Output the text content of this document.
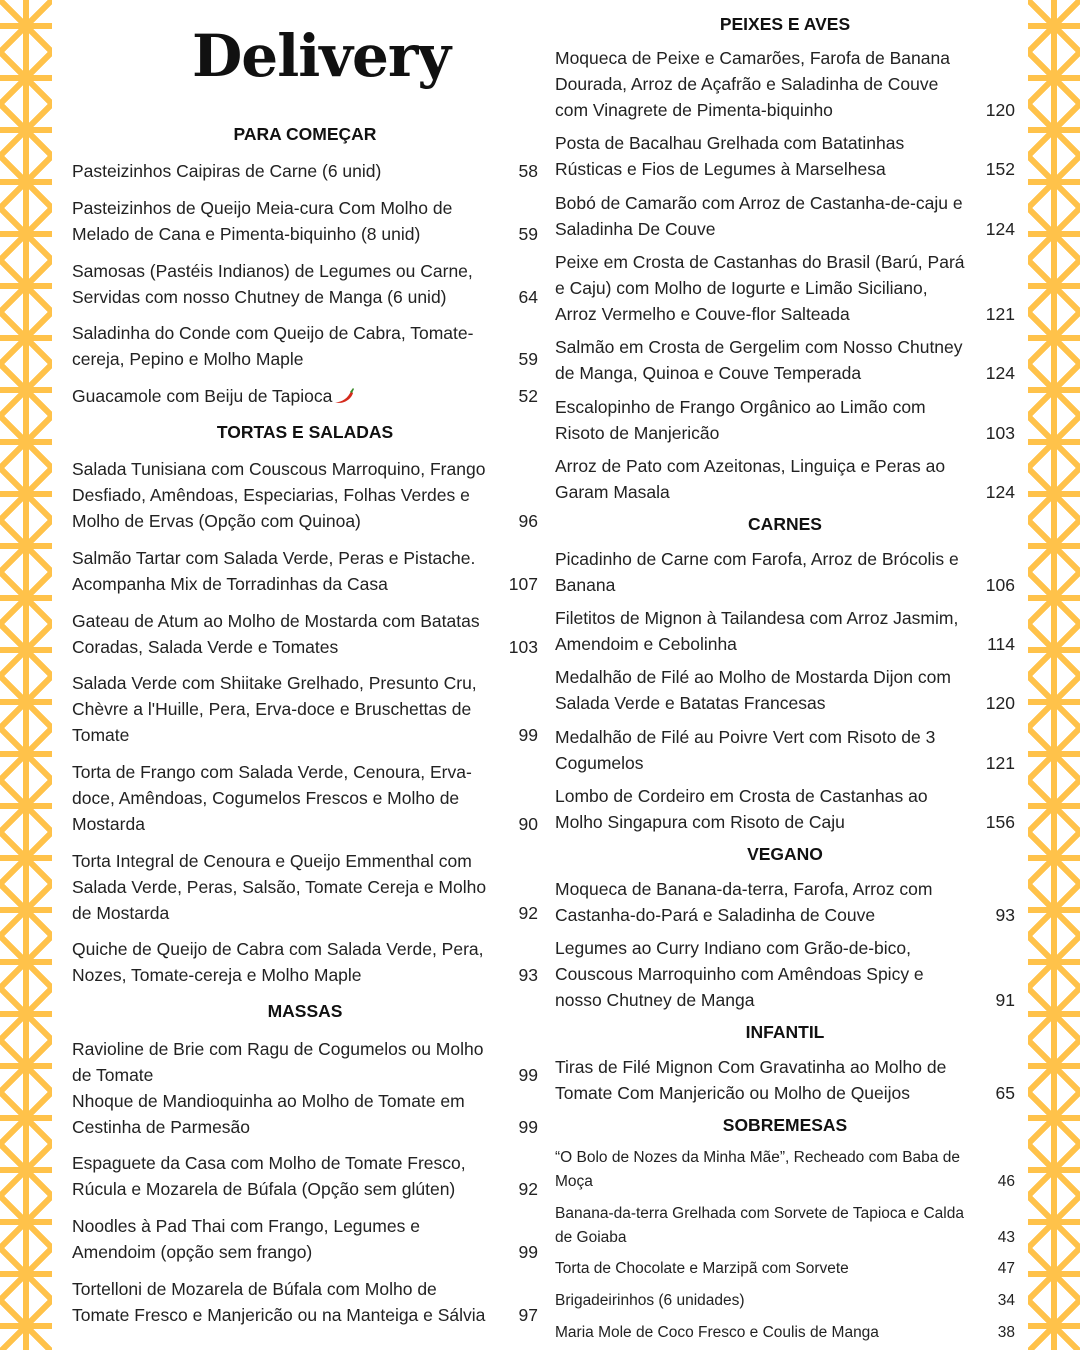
PARA COMEÇAR
Pasteizinhos Caipiras de Carne (6 unid)	58
Pasteizinhos de Queijo Meia-cura Com Molho de Melado de Cana e Pimenta-biquinho (8 unid)	59
Samosas (Pastéis Indianos) de Legumes ou Carne, Servidas com nosso Chutney de Manga (6 unid)	64
Saladinha do Conde com Queijo de Cabra, Tomate-cereja, Pepino e Molho Maple	59
Guacamole com Beiju de Tapioca	52
TORTAS E SALADAS
Salada Tunisiana com Couscous Marroquino, Frango Desfiado, Amêndoas, Especiarias, Folhas Verdes e Molho de Ervas (Opção com Quinoa)	96
Salmão Tartar com Salada Verde, Peras e Pistache. Acompanha Mix de Torradinhas da Casa	107
Gateau de Atum ao Molho de Mostarda com Batatas Coradas, Salada Verde e Tomates	103
Salada Verde com Shiitake Grelhado, Presunto Cru, Chèvre a l'Huille, Pera, Erva-doce e Bruschettas de Tomate	99
Torta de Frango com Salada Verde, Cenoura, Erva-doce, Amêndoas, Cogumelos Frescos e Molho de Mostarda	90
Torta Integral de Cenoura e Queijo Emmenthal com Salada Verde, Peras, Salsão, Tomate Cereja e Molho de Mostarda	92
Quiche de Queijo de Cabra com Salada Verde, Pera, Nozes, Tomate-cereja e Molho Maple	93
MASSAS
Ravioline de Brie com Ragu de Cogumelos ou Molho de Tomate	99
Nhoque de Mandioquinha ao Molho de Tomate em Cestinha de Parmesão	99
Espaguete da Casa com Molho de Tomate Fresco, Rúcula e Mozarela de Búfala (Opção sem glúten)	92
Noodles à Pad Thai com Frango, Legumes e Amendoim (opção sem frango)	99
Tortelloni de Mozarela de Búfala com Molho de Tomate Fresco e Manjericão ou na Manteiga e Sálvia	97
Delivery	PEIXES E AVES
Moqueca de Peixe e Camarões, Farofa de Banana Dourada, Arroz de Açafrão e Saladinha de Couve com Vinagrete de Pimenta-biquinho	120
Posta de Bacalhau Grelhada com Batatinhas Rústicas e Fios de Legumes à Marselhesa	152
Bobó de Camarão com Arroz de Castanha-de-caju e Saladinha De Couve	124
Peixe em Crosta de Castanhas do Brasil (Barú, Pará e Caju) com Molho de Iogurte e Limão Siciliano, Arroz Vermelho e Couve-flor Salteada	121
Salmão em Crosta de Gergelim com Nosso Chutney de Manga, Quinoa e Couve Temperada	124
Escalopinho de Frango Orgânico ao Limão com Risoto de Manjericão	103
Arroz de Pato com Azeitonas, Linguiça e Peras ao Garam Masala	124
CARNES
Picadinho de Carne com Farofa, Arroz de Brócolis e Banana	106
Filetitos de Mignon à Tailandesa com Arroz Jasmim, Amendoim e Cebolinha	114
Medalhão de Filé ao Molho de Mostarda Dijon com Salada Verde e Batatas Francesas	120
Medalhão de Filé au Poivre Vert com Risoto de 3 Cogumelos	121
Lombo de Cordeiro em Crosta de Castanhas ao Molho Singapura com Risoto de Caju	156
VEGANO
Moqueca de Banana-da-terra, Farofa, Arroz com Castanha-do-Pará e Saladinha de Couve	93
Legumes ao Curry Indiano com Grão-de-bico, Couscous Marroquinho com Amêndoas Spicy e nosso Chutney de Manga	91
INFANTIL
Tiras de Filé Mignon Com Gravatinha ao Molho de Tomate Com Manjericão ou Molho de Queijos	65
SOBREMESAS
“O Bolo de Nozes da Minha Mãe”, Recheado com Baba de Moça	46
Banana-da-terra Grelhada com Sorvete de Tapioca e Calda de Goiaba	43
Torta de Chocolate e Marzipã com Sorvete	47
Brigadeirinhos (6 unidades)	34
Maria Mole de Coco Fresco e Coulis de Manga	38
